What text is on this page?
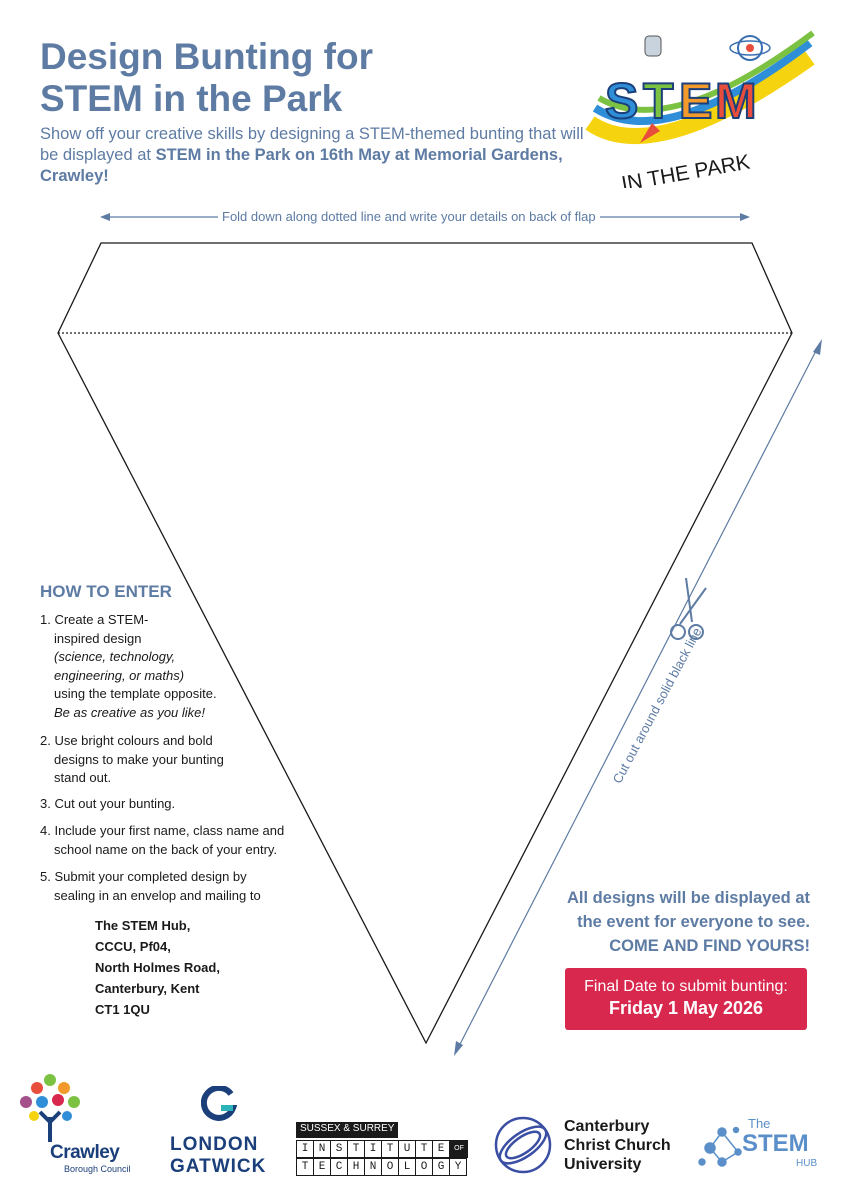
Design Bunting for
STEM in the Park
Show off your creative skills by designing a STEM-themed bunting that will be displayed at STEM in the Park on 16th May at Memorial Gardens, Crawley!
S T E M
IN THE PARK
Fold down along dotted line and write your details on back of flap
Cut out around solid black line
HOW TO ENTER
1. Create a STEM-
inspired design
(science, technology,
engineering, or maths)
using the template opposite.
Be as creative as you like!
2. Use bright colours and bold
designs to make your bunting
stand out.
3. Cut out your bunting.
4. Include your first name, class name and
school name on the back of your entry.
5. Submit your completed design by
sealing in an envelop and mailing to
The STEM Hub,
CCCU, Pf04,
North Holmes Road,
Canterbury, Kent
CT1 1QU
All designs will be displayed at
the event for everyone to see.
COME AND FIND YOURS!
Final Date to submit bunting:
Friday 1 May 2026
Crawley
Borough Council
LONDON
GATWICK
SUSSEX & SURREY
I N S T I T U T E	OF
T E C H N O L O G Y
Canterbury
Christ Church
University
The
STEM
HUB
